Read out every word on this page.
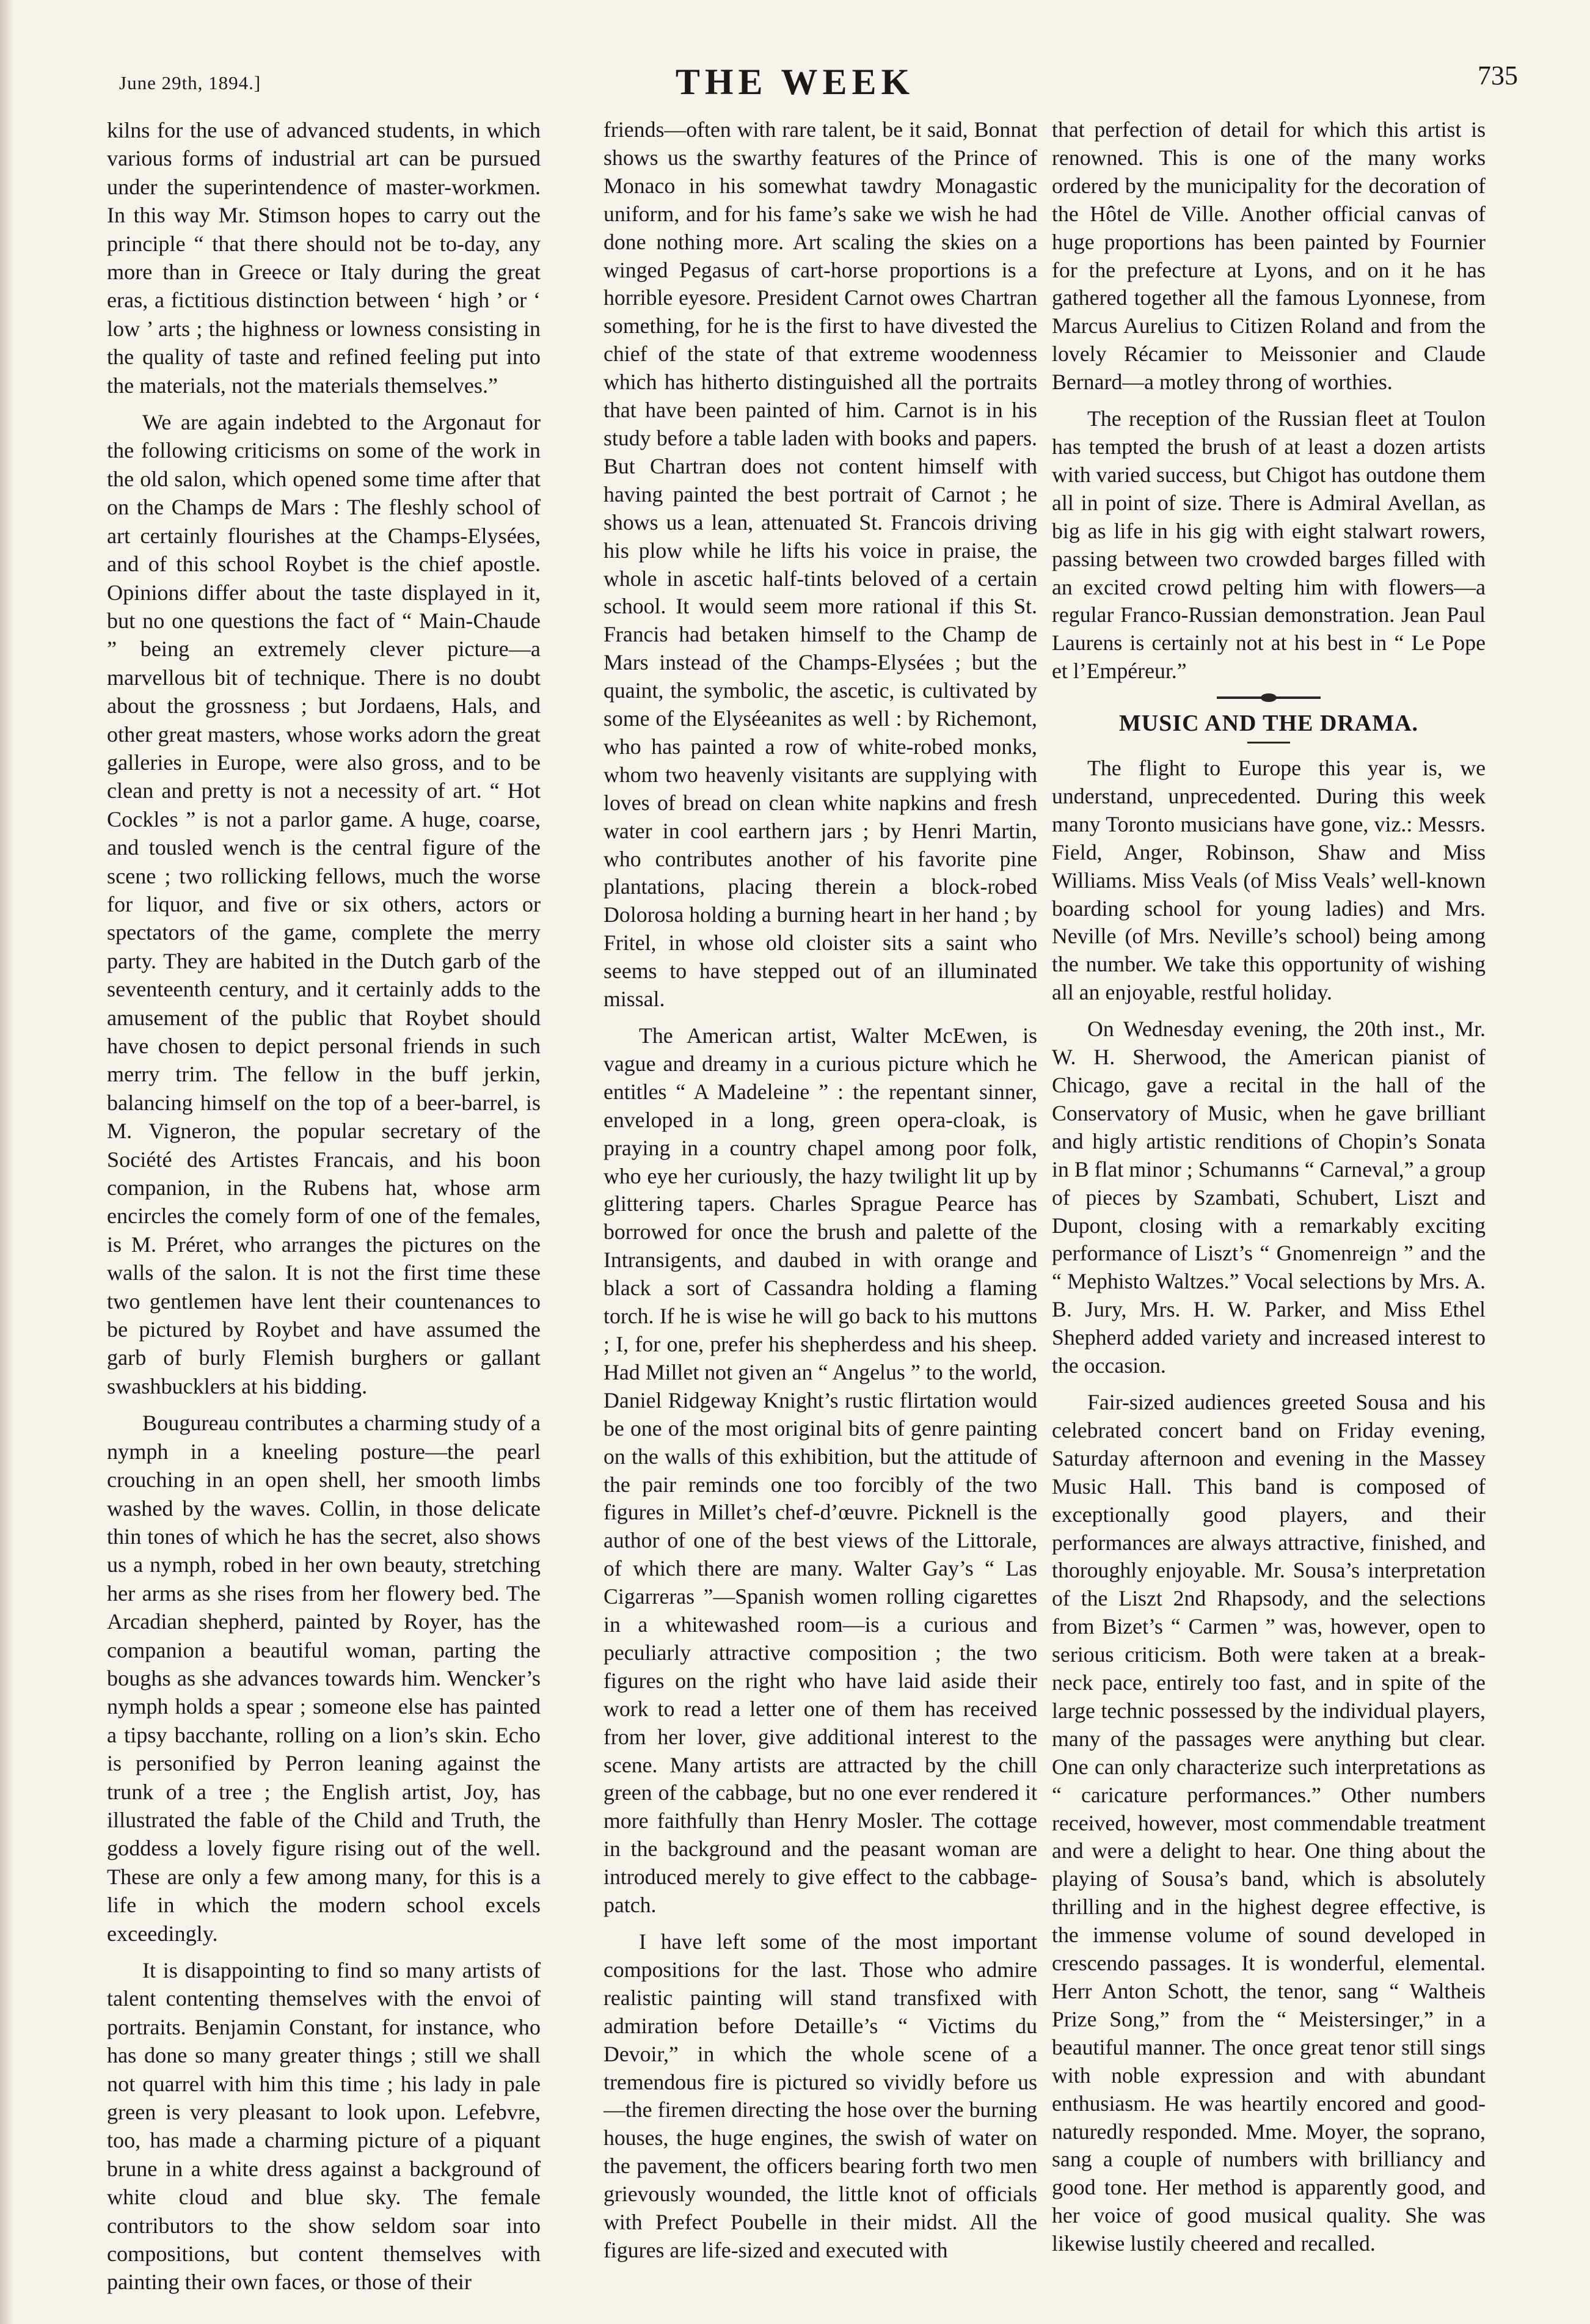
June 29th, 1894.]	THE WEEK	735

kilns for the use of advanced students, in which various forms of industrial art can be pursued under the superintendence of master-workmen. In this way Mr. Stimson hopes to carry out the principle “ that there should not be to-day, any more than in Greece or Italy during the great eras, a fictitious distinction between ‘ high ’ or ‘ low ’ arts ; the highness or lowness consisting in the quality of taste and refined feeling put into the materials, not the materials themselves.”

We are again indebted to the Argonaut for the following criticisms on some of the work in the old salon, which opened some time after that on the Champs de Mars : The fleshly school of art certainly flourishes at the Champs-Elysées, and of this school Roybet is the chief apostle. Opinions differ about the taste displayed in it, but no one questions the fact of “ Main-Chaude ” being an extremely clever picture—a marvellous bit of technique. There is no doubt about the grossness ; but Jordaens, Hals, and other great masters, whose works adorn the great galleries in Europe, were also gross, and to be clean and pretty is not a necessity of art. “ Hot Cockles ” is not a parlor game. A huge, coarse, and tousled wench is the central figure of the scene ; two rollicking fellows, much the worse for liquor, and five or six others, actors or spectators of the game, complete the merry party. They are habited in the Dutch garb of the seventeenth century, and it certainly adds to the amusement of the public that Roybet should have chosen to depict personal friends in such merry trim. The fellow in the buff jerkin, balancing himself on the top of a beer-barrel, is M. Vigneron, the popular secretary of the Société des Artistes Francais, and his boon companion, in the Rubens hat, whose arm encircles the comely form of one of the females, is M. Préret, who arranges the pictures on the walls of the salon. It is not the first time these two gentlemen have lent their countenances to be pictured by Roybet and have assumed the garb of burly Flemish burghers or gallant swashbucklers at his bidding.

Bougureau contributes a charming study of a nymph in a kneeling posture—the pearl crouching in an open shell, her smooth limbs washed by the waves. Collin, in those delicate thin tones of which he has the secret, also shows us a nymph, robed in her own beauty, stretching her arms as she rises from her flowery bed. The Arcadian shepherd, painted by Royer, has the companion a beautiful woman, parting the boughs as she advances towards him. Wencker’s nymph holds a spear ; someone else has painted a tipsy bacchante, rolling on a lion’s skin. Echo is personified by Perron leaning against the trunk of a tree ; the English artist, Joy, has illustrated the fable of the Child and Truth, the goddess a lovely figure rising out of the well. These are only a few among many, for this is a life in which the modern school excels exceedingly.

It is disappointing to find so many artists of talent contenting themselves with the envoi of portraits. Benjamin Constant, for instance, who has done so many greater things ; still we shall not quarrel with him this time ; his lady in pale green is very pleasant to look upon. Lefebvre, too, has made a charming picture of a piquant brune in a white dress against a background of white cloud and blue sky. The female contributors to the show seldom soar into compositions, but content themselves with painting their own faces, or those of their

friends—often with rare talent, be it said, Bonnat shows us the swarthy features of the Prince of Monaco in his somewhat tawdry Monagastic uniform, and for his fame’s sake we wish he had done nothing more. Art scaling the skies on a winged Pegasus of cart-horse proportions is a horrible eyesore. President Carnot owes Chartran something, for he is the first to have divested the chief of the state of that extreme woodenness which has hitherto distinguished all the portraits that have been painted of him. Carnot is in his study before a table laden with books and papers. But Chartran does not content himself with having painted the best portrait of Carnot ; he shows us a lean, attenuated St. Francois driving his plow while he lifts his voice in praise, the whole in ascetic half-tints beloved of a certain school. It would seem more rational if this St. Francis had betaken himself to the Champ de Mars instead of the Champs-Elysées ; but the quaint, the symbolic, the ascetic, is cultivated by some of the Elyséeanites as well : by Richemont, who has painted a row of white-robed monks, whom two heavenly visitants are supplying with loves of bread on clean white napkins and fresh water in cool earthern jars ; by Henri Martin, who contributes another of his favorite pine plantations, placing therein a block-robed Dolorosa holding a burning heart in her hand ; by Fritel, in whose old cloister sits a saint who seems to have stepped out of an illuminated missal.

The American artist, Walter McEwen, is vague and dreamy in a curious picture which he entitles “ A Madeleine ” : the repentant sinner, enveloped in a long, green opera-cloak, is praying in a country chapel among poor folk, who eye her curiously, the hazy twilight lit up by glittering tapers. Charles Sprague Pearce has borrowed for once the brush and palette of the Intransigents, and daubed in with orange and black a sort of Cassandra holding a flaming torch. If he is wise he will go back to his muttons ; I, for one, prefer his shepherdess and his sheep. Had Millet not given an “ Angelus ” to the world, Daniel Ridgeway Knight’s rustic flirtation would be one of the most original bits of genre painting on the walls of this exhibition, but the attitude of the pair reminds one too forcibly of the two figures in Millet’s chef-d’œuvre. Picknell is the author of one of the best views of the Littorale, of which there are many. Walter Gay’s “ Las Cigarreras ”—Spanish women rolling cigarettes in a whitewashed room—is a curious and peculiarly attractive composition ; the two figures on the right who have laid aside their work to read a letter one of them has received from her lover, give additional interest to the scene. Many artists are attracted by the chill green of the cabbage, but no one ever rendered it more faithfully than Henry Mosler. The cottage in the background and the peasant woman are introduced merely to give effect to the cabbage-patch.

I have left some of the most important compositions for the last. Those who admire realistic painting will stand transfixed with admiration before Detaille’s “ Victims du Devoir,” in which the whole scene of a tremendous fire is pictured so vividly before us—the firemen directing the hose over the burning houses, the huge engines, the swish of water on the pavement, the officers bearing forth two men grievously wounded, the little knot of officials with Prefect Poubelle in their midst. All the figures are life-sized and executed with

that perfection of detail for which this artist is renowned. This is one of the many works ordered by the municipality for the decoration of the Hôtel de Ville. Another official canvas of huge proportions has been painted by Fournier for the prefecture at Lyons, and on it he has gathered together all the famous Lyonnese, from Marcus Aurelius to Citizen Roland and from the lovely Récamier to Meissonier and Claude Bernard—a motley throng of worthies.

The reception of the Russian fleet at Toulon has tempted the brush of at least a dozen artists with varied success, but Chigot has outdone them all in point of size. There is Admiral Avellan, as big as life in his gig with eight stalwart rowers, passing between two crowded barges filled with an excited crowd pelting him with flowers—a regular Franco-Russian demonstration. Jean Paul Laurens is certainly not at his best in “ Le Pope et l’Empéreur.”

MUSIC AND THE DRAMA.

The flight to Europe this year is, we understand, unprecedented. During this week many Toronto musicians have gone, viz.: Messrs. Field, Anger, Robinson, Shaw and Miss Williams. Miss Veals (of Miss Veals’ well-known boarding school for young ladies) and Mrs. Neville (of Mrs. Neville’s school) being among the number. We take this opportunity of wishing all an enjoyable, restful holiday.

On Wednesday evening, the 20th inst., Mr. W. H. Sherwood, the American pianist of Chicago, gave a recital in the hall of the Conservatory of Music, when he gave brilliant and higly artistic renditions of Chopin’s Sonata in B flat minor ; Schumanns “ Carneval,” a group of pieces by Szambati, Schubert, Liszt and Dupont, closing with a remarkably exciting performance of Liszt’s “ Gnomenreign ” and the “ Mephisto Waltzes.” Vocal selections by Mrs. A. B. Jury, Mrs. H. W. Parker, and Miss Ethel Shepherd added variety and increased interest to the occasion.

Fair-sized audiences greeted Sousa and his celebrated concert band on Friday evening, Saturday afternoon and evening in the Massey Music Hall. This band is composed of exceptionally good players, and their performances are always attractive, finished, and thoroughly enjoyable. Mr. Sousa’s interpretation of the Liszt 2nd Rhapsody, and the selections from Bizet’s “ Carmen ” was, however, open to serious criticism. Both were taken at a break-neck pace, entirely too fast, and in spite of the large technic possessed by the individual players, many of the passages were anything but clear. One can only characterize such interpretations as “ caricature performances.” Other numbers received, however, most commendable treatment and were a delight to hear. One thing about the playing of Sousa’s band, which is absolutely thrilling and in the highest degree effective, is the immense volume of sound developed in crescendo passages. It is wonderful, elemental. Herr Anton Schott, the tenor, sang “ Waltheis Prize Song,” from the “ Meistersinger,” in a beautiful manner. The once great tenor still sings with noble expression and with abundant enthusiasm. He was heartily encored and good-naturedly responded. Mme. Moyer, the soprano, sang a couple of numbers with brilliancy and good tone. Her method is apparently good, and her voice of good musical quality. She was likewise lustily cheered and recalled.
